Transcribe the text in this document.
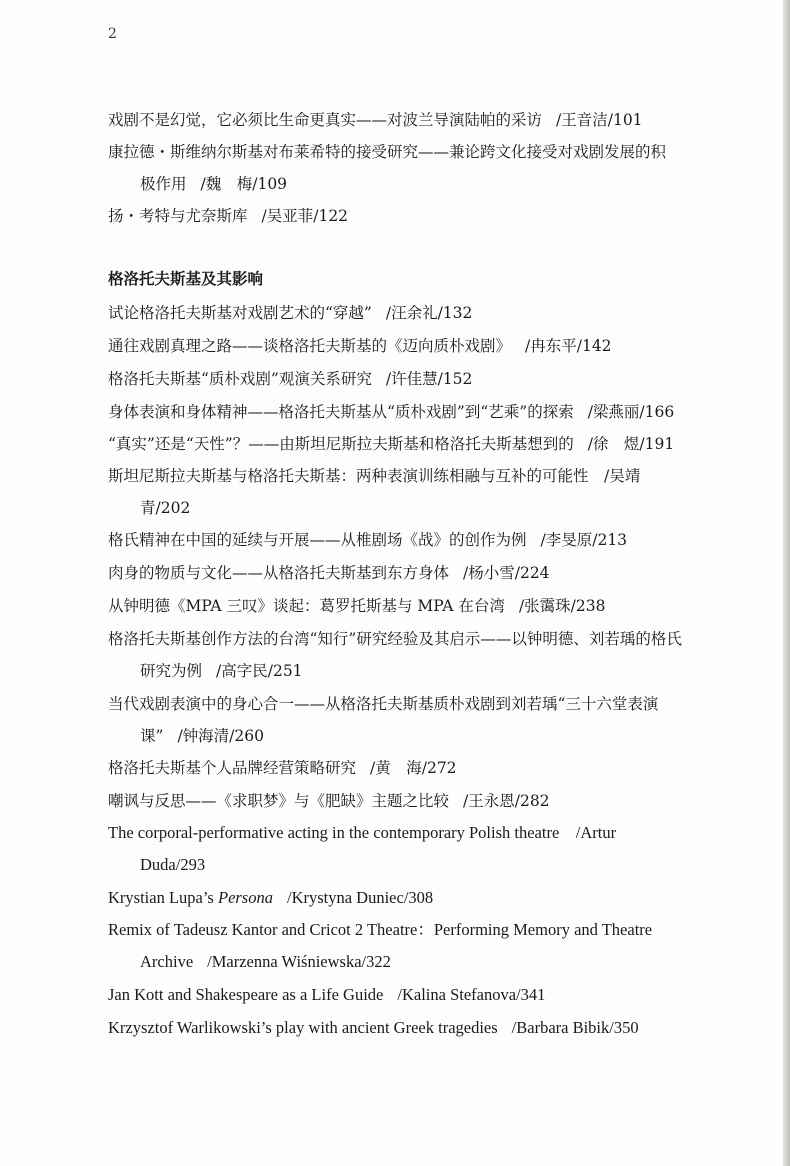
2
戏剧不是幻觉，它必须比生命更真实——对波兰导演陆帕的采访 /王音洁/101
康拉德・斯维纳尔斯基对布莱希特的接受研究——兼论跨文化接受对戏剧发展的积
极作用 /魏　梅/109
扬・考特与尤奈斯库 /吴亚菲/122
格洛托夫斯基及其影响
试论格洛托夫斯基对戏剧艺术的“穿越” /汪余礼/132
通往戏剧真理之路——谈格洛托夫斯基的《迈向质朴戏剧》 /冉东平/142
格洛托夫斯基“质朴戏剧”观演关系研究 /许佳慧/152
身体表演和身体精神——格洛托夫斯基从“质朴戏剧”到“艺乘”的探索 /梁燕丽/166
“真实”还是“天性”？——由斯坦尼斯拉夫斯基和格洛托夫斯基想到的 /徐　煜/191
斯坦尼斯拉夫斯基与格洛托夫斯基：两种表演训练相融与互补的可能性　/吴靖
青/202
格氏精神在中国的延续与开展——从椎剧场《战》的创作为例 /李旻原/213
肉身的物质与文化——从格洛托夫斯基到东方身体 /杨小雪/224
从钟明德《MPA 三叹》谈起：葛罗托斯基与 MPA 在台湾 /张霭珠/238
格洛托夫斯基创作方法的台湾“知行”研究经验及其启示——以钟明德、刘若瑀的格氏
研究为例 /高字民/251
当代戏剧表演中的身心合一——从格洛托夫斯基质朴戏剧到刘若瑀“三十六堂表演
课” /钟海清/260
格洛托夫斯基个人品牌经营策略研究 /黄　海/272
嘲讽与反思——《求职梦》与《肥缺》主题之比较 /王永恩/282
The corporal-performative acting in the contemporary Polish theatre　/Artur
Duda/293
Krystian Lupa’s Persona /Krystyna Duniec/308
Remix of Tadeusz Kantor and Cricot 2 Theatre：Performing Memory and Theatre
Archive /Marzenna Wiśniewska/322
Jan Kott and Shakespeare as a Life Guide /Kalina Stefanova/341
Krzysztof Warlikowski’s play with ancient Greek tragedies /Barbara Bibik/350
